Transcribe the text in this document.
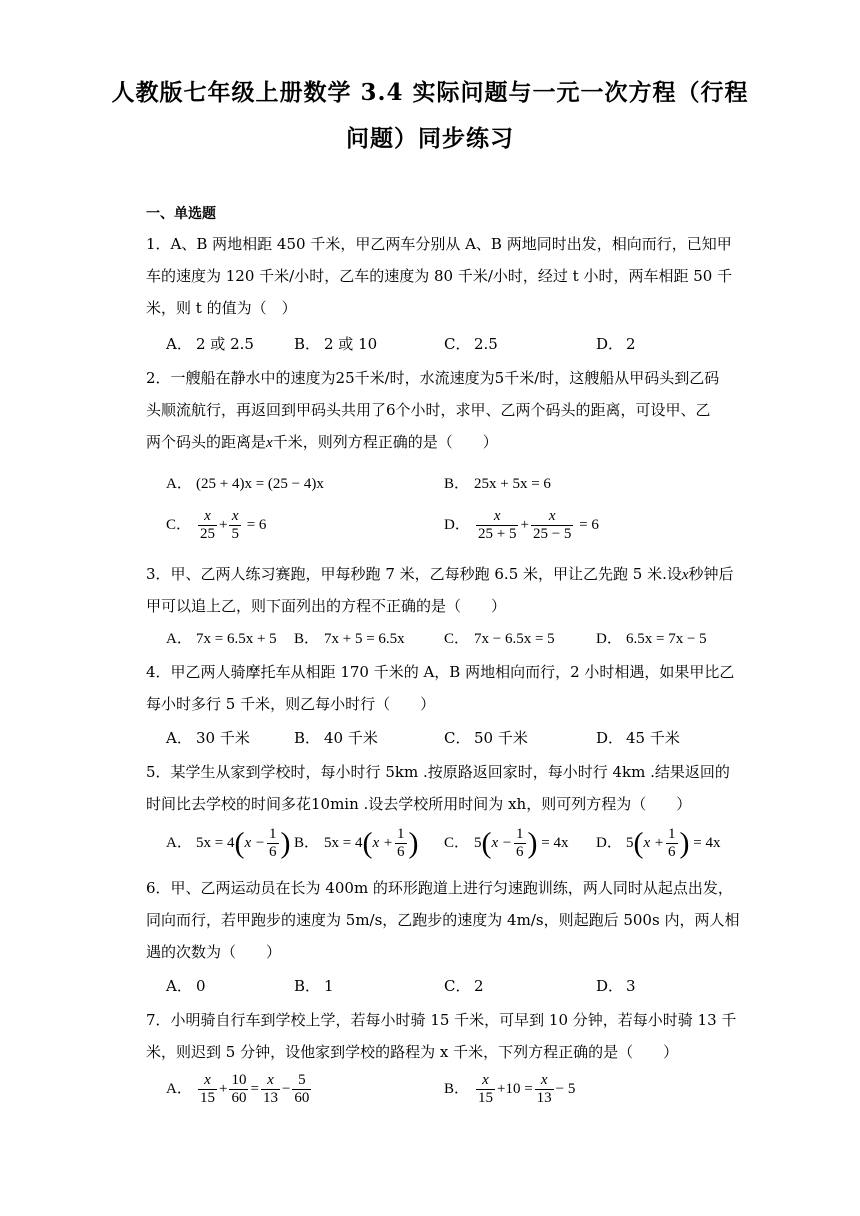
人教版七年级上册数学 3.4 实际问题与一元一次方程（行程
问题）同步练习
一、单选题
1．A、B 两地相距 450 千米，甲乙两车分别从 A、B 两地同时出发，相向而行，已知甲
车的速度为 120 千米/小时，乙车的速度为 80 千米/小时，经过 t 小时，两车相距 50 千
米，则 t 的值为（　）
A． 2 或 2.5	B． 2 或 10	C． 2.5	D． 2
2．一艘船在静水中的速度为25千米/时，水流速度为5千米/时，这艘船从甲码头到乙码
头顺流航行，再返回到甲码头共用了6个小时，求甲、乙两个码头的距离，可设甲、乙
两个码头的距离是x千米，则列方程正确的是（　　）
A． (25 + 4)x = (25 − 4)x	B． 25x + 5x = 6
C． $\frac{x}{25} + \frac{x}{5} = 6$	D． $\frac{x}{25 + 5} + \frac{x}{25 - 5} = 6$
3．甲、乙两人练习赛跑，甲每秒跑 7 米，乙每秒跑 6.5 米，甲让乙先跑 5 米.设x秒钟后
甲可以追上乙，则下面列出的方程不正确的是（　　）
A． 7x = 6.5x + 5 B． 7x + 5 = 6.5x	C． 7x − 6.5x = 5	D． 6.5x = 7x − 5
4．甲乙两人骑摩托车从相距 170 千米的 A，B 两地相向而行，2 小时相遇，如果甲比乙
每小时多行 5 千米，则乙每小时行（　　）
A． 30 千米	B． 40 千米	C． 50 千米	D． 45 千米
5．某学生从家到学校时，每小时行 5km .按原路返回家时，每小时行 4km .结果返回的
时间比去学校的时间多花10min .设去学校所用时间为 xh，则可列方程为（　　）
A． $5x = 4(x - \frac{1}{6}$ ) B． $5x = 4(x + \frac{1}{6}$ ) C． $5(x - \frac{1}{6}$ ) = 4x D． $5(x + \frac{1}{6}$ ) = 4x
6．甲、乙两运动员在长为 400m 的环形跑道上进行匀速跑训练，两人同时从起点出发，
同向而行，若甲跑步的速度为 5m/s，乙跑步的速度为 4m/s，则起跑后 500s 内，两人相
遇的次数为（　　）
A． 0	B． 1	C． 2	D． 3
7．小明骑自行车到学校上学，若每小时骑 15 千米，可早到 10 分钟，若每小时骑 13 千
米，则迟到 5 分钟，设他家到学校的路程为 x 千米，下列方程正确的是（　　）
A． $\frac{x}{15} + \frac{10}{60} = \frac{x}{13} - \frac{5}{60}$	B． $\frac{x}{15} +10 = \frac{x}{13} - 5$
